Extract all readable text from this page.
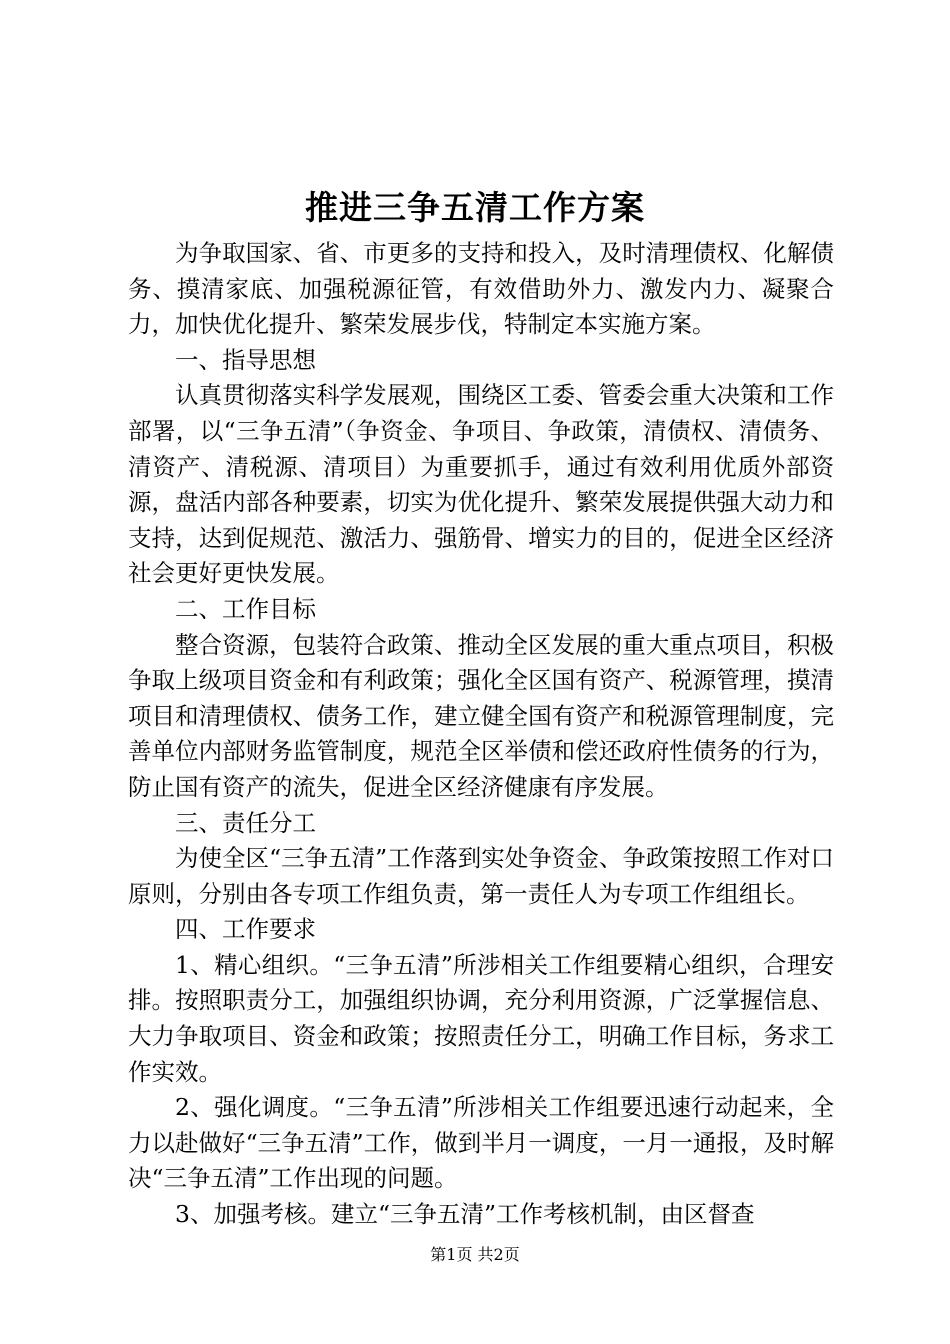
推进三争五清工作方案

为争取国家、省、市更多的支持和投入，及时清理债权、化解债务、摸清家底、加强税源征管，有效借助外力、激发内力、凝聚合力，加快优化提升、繁荣发展步伐，特制定本实施方案。

一、指导思想

认真贯彻落实科学发展观，围绕区工委、管委会重大决策和工作部署，以“三争五清”（争资金、争项目、争政策，清债权、清债务、清资产、清税源、清项目）为重要抓手，通过有效利用优质外部资源，盘活内部各种要素，切实为优化提升、繁荣发展提供强大动力和支持，达到促规范、激活力、强筋骨、增实力的目的，促进全区经济社会更好更快发展。

二、工作目标

整合资源，包装符合政策、推动全区发展的重大重点项目，积极争取上级项目资金和有利政策；强化全区国有资产、税源管理，摸清项目和清理债权、债务工作，建立健全国有资产和税源管理制度，完善单位内部财务监管制度，规范全区举债和偿还政府性债务的行为，防止国有资产的流失，促进全区经济健康有序发展。

三、责任分工

为使全区“三争五清”工作落到实处争资金、争政策按照工作对口原则，分别由各专项工作组负责，第一责任人为专项工作组组长。

四、工作要求

1、精心组织。“三争五清”所涉相关工作组要精心组织，合理安排。按照职责分工，加强组织协调，充分利用资源，广泛掌握信息、大力争取项目、资金和政策；按照责任分工，明确工作目标，务求工作实效。

2、强化调度。“三争五清”所涉相关工作组要迅速行动起来，全力以赴做好“三争五清”工作，做到半月一调度，一月一通报，及时解决“三争五清”工作出现的问题。

3、加强考核。建立“三争五清”工作考核机制，由区督查

第1页 共2页
